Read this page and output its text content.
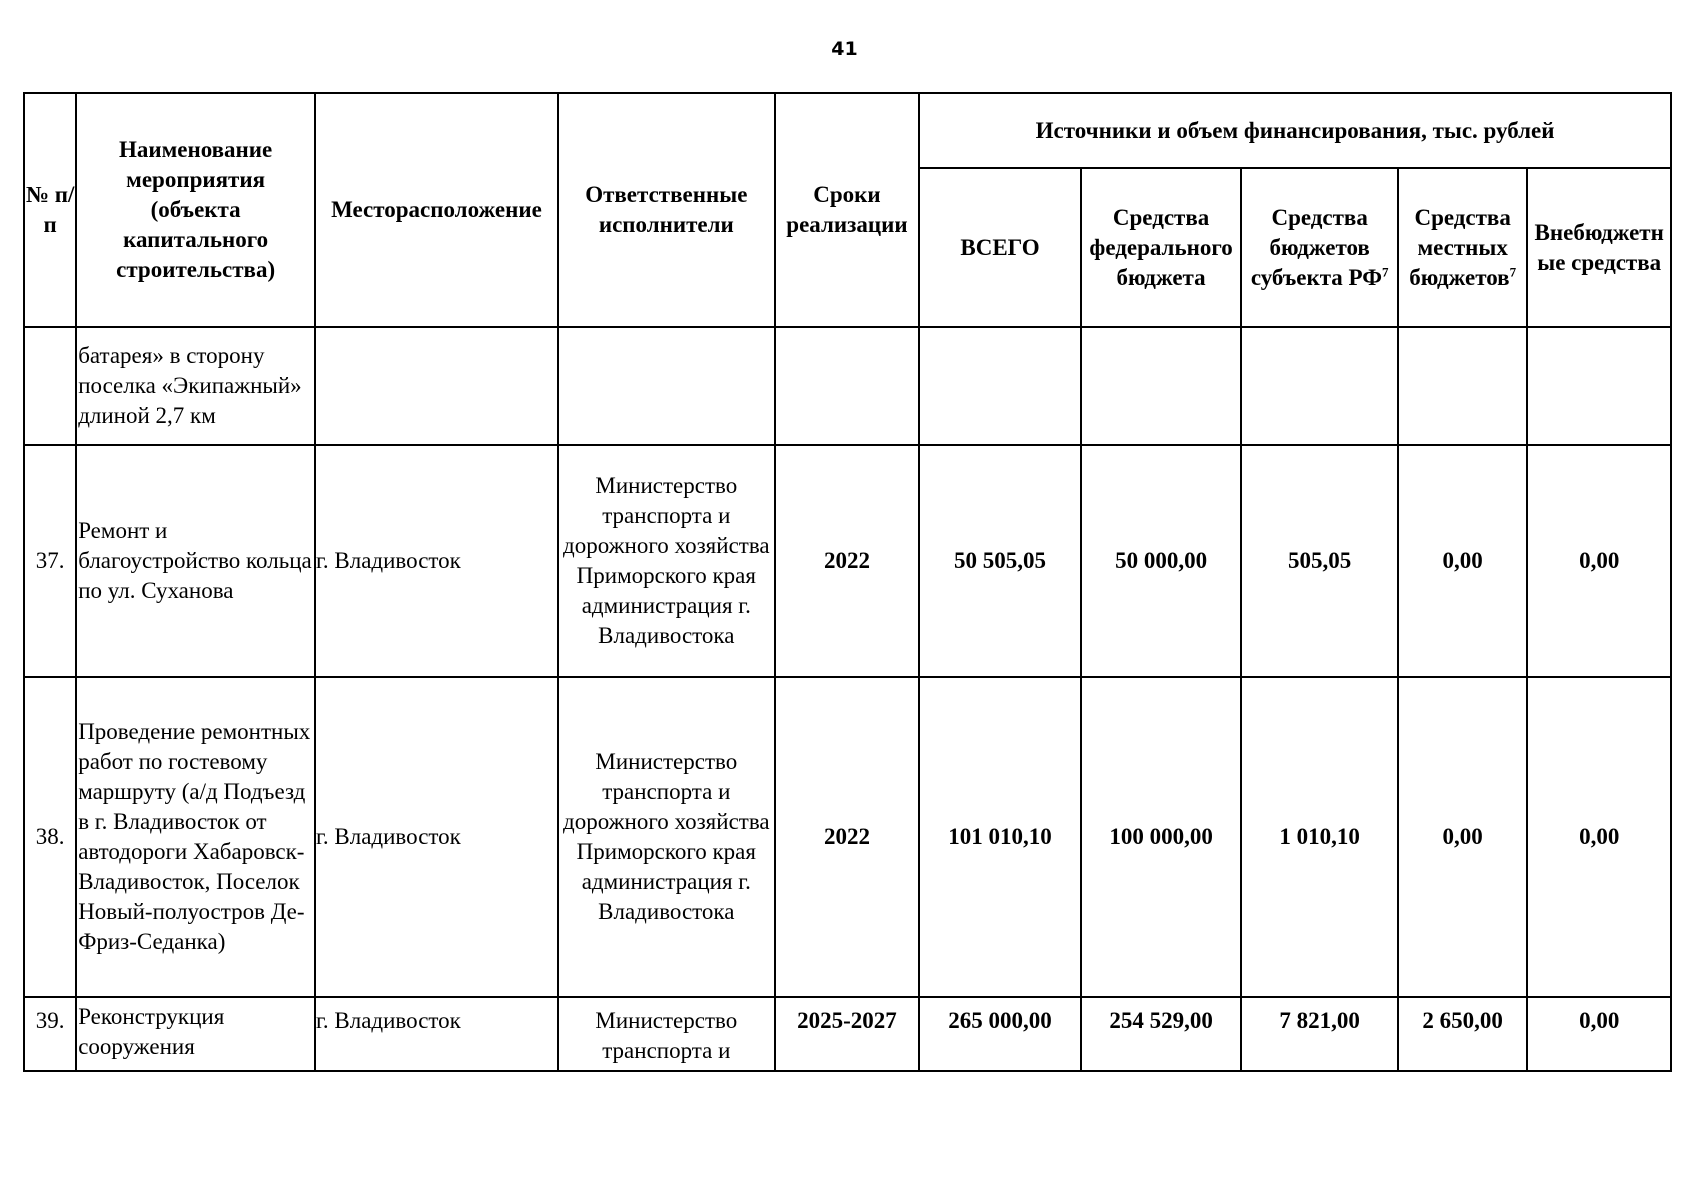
41
№ п/п	Наименование мероприятия (объекта капитального строительства)	Месторасположение	Ответственные исполнители	Сроки реализации	Источники и объем финансирования, тыс. рублей				
					ВСЕГО	Средства федерального бюджета	Средства бюджетов субъекта $РФ^7$	Средства местных бюджетов$^7$	Внебюджетн ые средства
	батарея» в сторону поселка «Экипажный» длиной 2,7 км								
37.	Ремонт и благоустройство кольца по ул. Суханова	г. Владивосток	Министерство транспорта и дорожного хозяйства Приморского края администрация г. Владивостока	2022	50 505,05	50 000,00	505,05	0,00	0,00
38.	Проведение ремонтных работ по гостевому маршруту (а/д Подъезд в г. Владивосток от автодороги Хабаровск-Владивосток, Поселок Новый-полуостров Де-Фриз-Седанка)	г. Владивосток	Министерство транспорта и дорожного хозяйства Приморского края администрация г. Владивостока	2022	101 010,10	100 000,00	1 010,10	0,00	0,00
39.	Реконструкция сооружения	г. Владивосток	Министерство транспорта и	2025-2027	265 000,00	254 529,00	7 821,00	2 650,00	0,00
